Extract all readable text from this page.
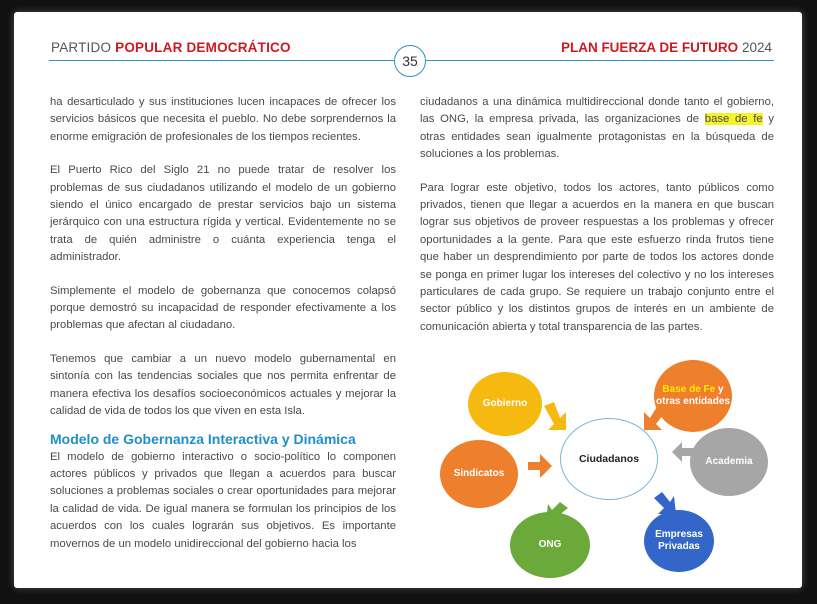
PARTIDO POPULAR DEMOCRÁTICO	PLAN FUERZA DE FUTURO 2024
35

ha desarticulado y sus instituciones lucen incapaces de ofrecer los servicios básicos que necesita el pueblo. No debe sorprendernos la enorme emigración de profesionales de los tiempos recientes.

El Puerto Rico del Siglo 21 no puede tratar de resolver los problemas de sus ciudadanos utilizando el modelo de un gobierno siendo el único encargado de prestar servicios bajo un sistema jerárquico con una estructura rígida y vertical. Evidentemente no se trata de quién administre o cuánta experiencia tenga el administrador.

Simplemente el modelo de gobernanza que conocemos colapsó porque demostró su incapacidad de responder efectivamente a los problemas que afectan al ciudadano.

Tenemos que cambiar a un nuevo modelo gubernamental en sintonía con las tendencias sociales que nos permita enfrentar de manera efectiva los desafíos socioeconómicos actuales y mejorar la calidad de vida de todos los que viven en esta Isla.

Modelo de Gobernanza Interactiva y Dinámica

El modelo de gobierno interactivo o socio-político lo componen actores públicos y privados que llegan a acuerdos para buscar soluciones a problemas sociales o crear oportunidades para mejorar la calidad de vida. De igual manera se formulan los principios de los acuerdos con los cuales lograrán sus objetivos. Es importante movernos de un modelo unidireccional del gobierno hacia los

ciudadanos a una dinámica multidireccional donde tanto el gobierno, las ONG, la empresa privada, las organizaciones de base de fe y otras entidades sean igualmente protagonistas en la búsqueda de soluciones a los problemas.

Para lograr este objetivo, todos los actores, tanto públicos como privados, tienen que llegar a acuerdos en la manera en que buscan lograr sus objetivos de proveer respuestas a los problemas y ofrecer oportunidades a la gente. Para que este esfuerzo rinda frutos tiene que haber un desprendimiento por parte de todos los actores donde se ponga en primer lugar los intereses del colectivo y no los intereses particulares de cada grupo. Se requiere un trabajo conjunto entre el sector público y los distintos grupos de interés en un ambiente de comunicación abierta y total transparencia de las partes.

Ciudadanos
Gobierno
Base de Fe y otras entidades
Academia
Empresas Privadas
ONG
Sindicatos
